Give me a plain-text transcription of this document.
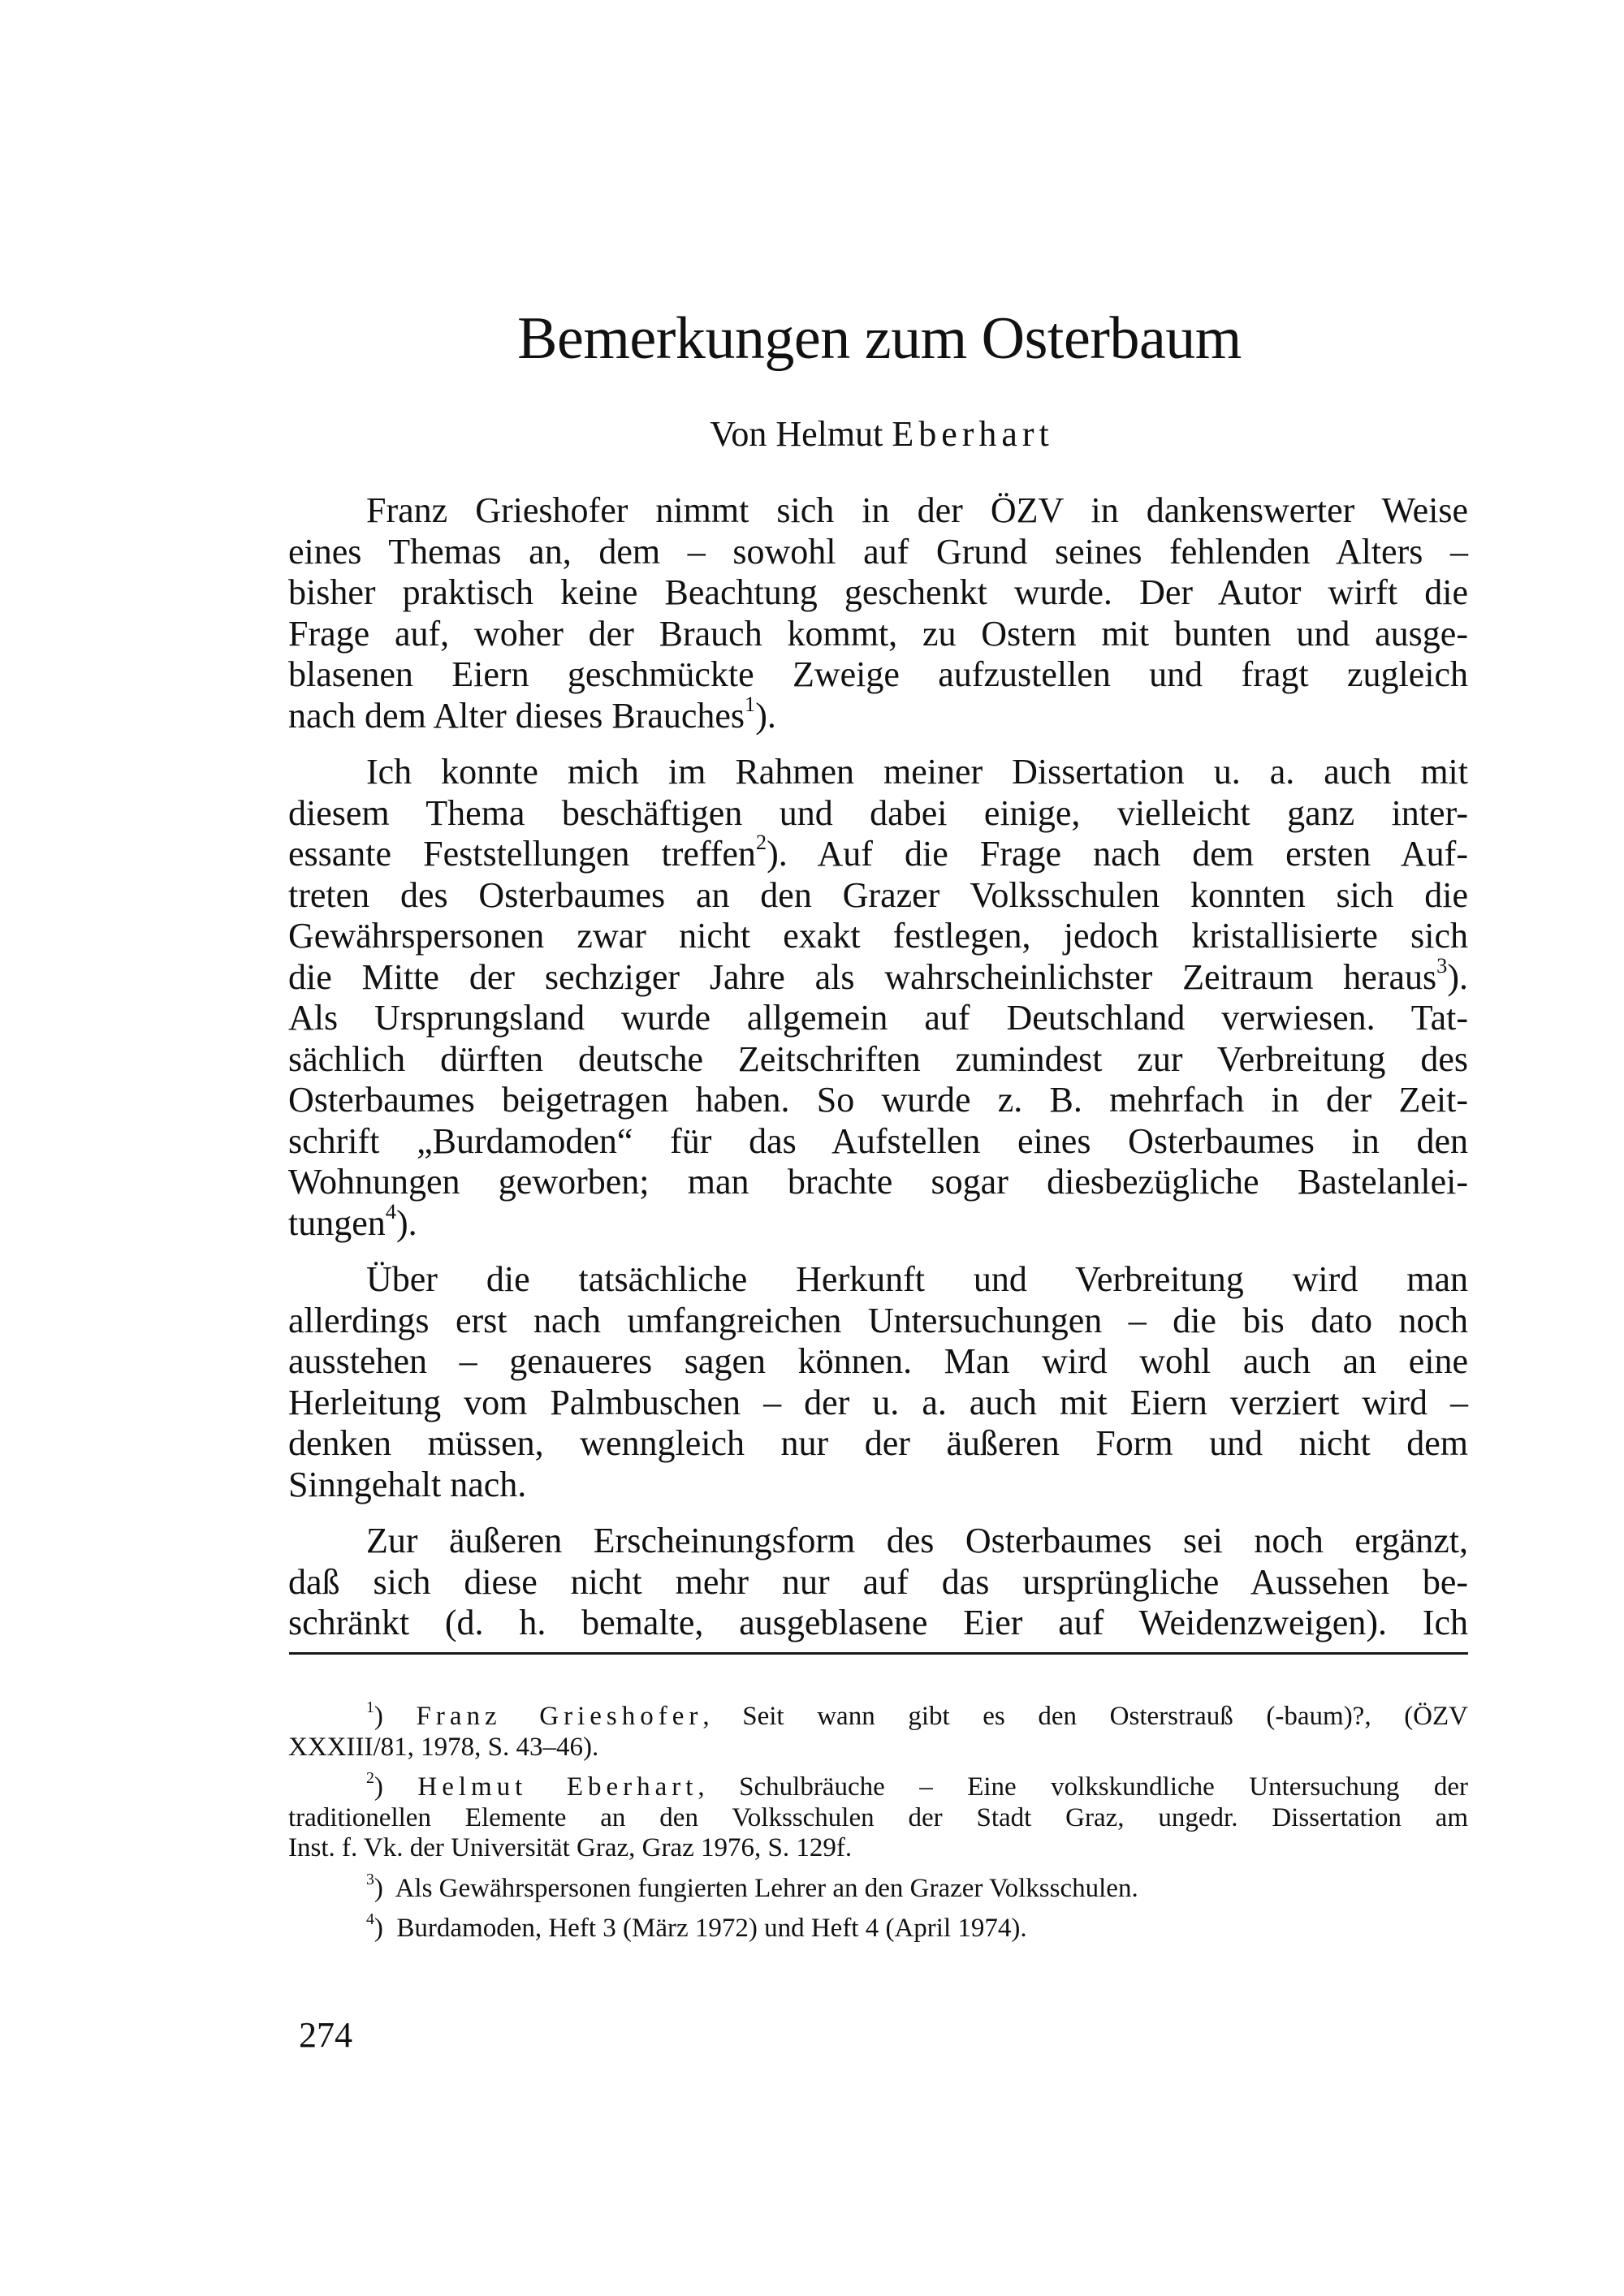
Bemerkungen zum Osterbaum
Von Helmut Eberhart
Franz Grieshofer nimmt sich in der ÖZV in dankenswerter Weise
eines Themas an, dem – sowohl auf Grund seines fehlenden Alters –
bisher praktisch keine Beachtung geschenkt wurde. Der Autor wirft die
Frage auf, woher der Brauch kommt, zu Ostern mit bunten und ausge-
blasenen Eiern geschmückte Zweige aufzustellen und fragt zugleich
nach dem Alter dieses Brauches$^1$).
Ich konnte mich im Rahmen meiner Dissertation u. a. auch mit
diesem Thema beschäftigen und dabei einige, vielleicht ganz inter-
essante Feststellungen treffen$^2$). Auf die Frage nach dem ersten Auf-
treten des Osterbaumes an den Grazer Volksschulen konnten sich die
Gewährspersonen zwar nicht exakt festlegen, jedoch kristallisierte sich
die Mitte der sechziger Jahre als wahrscheinlichster Zeitraum heraus$^3$).
Als Ursprungsland wurde allgemein auf Deutschland verwiesen. Tat-
sächlich dürften deutsche Zeitschriften zumindest zur Verbreitung des
Osterbaumes beigetragen haben. So wurde z. B. mehrfach in der Zeit-
schrift „Burdamoden“ für das Aufstellen eines Osterbaumes in den
Wohnungen geworben; man brachte sogar diesbezügliche Bastelanlei-
tungen$^4$).
Über die tatsächliche Herkunft und Verbreitung wird man
allerdings erst nach umfangreichen Untersuchungen – die bis dato noch
ausstehen – genaueres sagen können. Man wird wohl auch an eine
Herleitung vom Palmbuschen – der u. a. auch mit Eiern verziert wird –
denken müssen, wenngleich nur der äußeren Form und nicht dem
Sinngehalt nach.
Zur äußeren Erscheinungsform des Osterbaumes sei noch ergänzt,
daß sich diese nicht mehr nur auf das ursprüngliche Aussehen be-
schränkt (d. h. bemalte, ausgeblasene Eier auf Weidenzweigen). Ich
$^1$) Franz Grieshofer, Seit wann gibt es den Osterstrauß (-baum)?, (ÖZV
XXXIII/81, 1978, S. 43–46).
$^2$) Helmut Eberhart, Schulbräuche – Eine volkskundliche Untersuchung der
traditionellen Elemente an den Volksschulen der Stadt Graz, ungedr. Dissertation am
Inst. f. Vk. der Universität Graz, Graz 1976, S. 129f.
$^3$)  Als Gewährspersonen fungierten Lehrer an den Grazer Volksschulen.
$^4$)  Burdamoden, Heft 3 (März 1972) und Heft 4 (April 1974).
274
